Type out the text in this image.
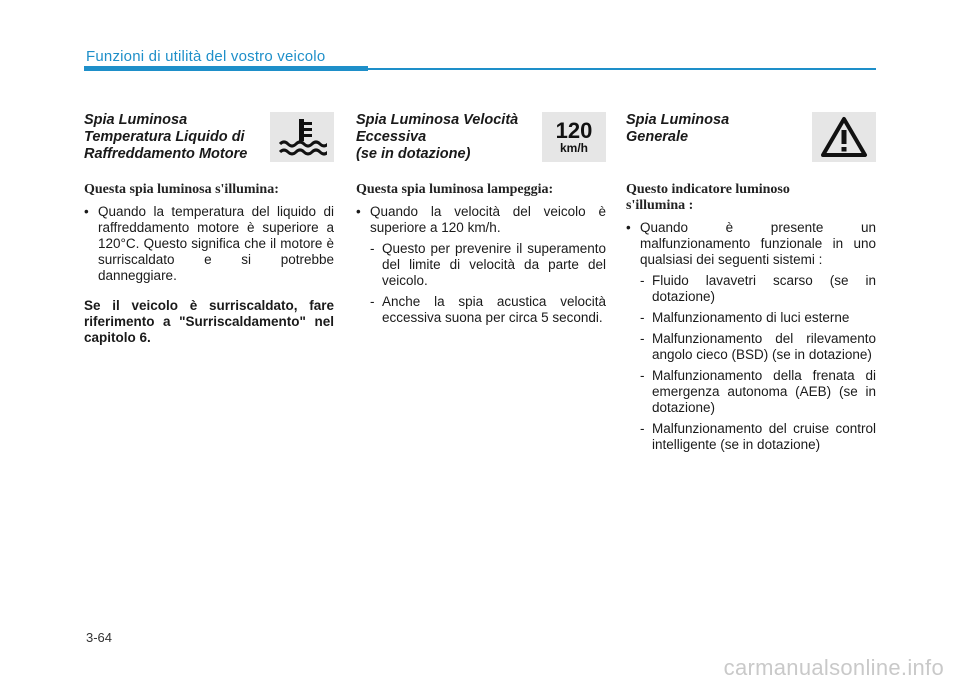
Funzioni di utilità del vostro veicolo
Spia Luminosa
Temperatura Liquido di
Raffreddamento Motore
Questa spia luminosa s'illumina:
• Quando la temperatura del liquido di raffreddamento motore è superiore a 120°C. Questo significa che il motore è surriscaldato e si potrebbe danneggiare.
Se il veicolo è surriscaldato, fare riferimento a "Surriscaldamento" nel capitolo 6.
Spia Luminosa Velocità
Eccessiva
(se in dotazione)
120
km/h
Questa spia luminosa lampeggia:
• Quando la velocità del veicolo è superiore a 120 km/h.
- Questo per prevenire il superamento del limite di velocità da parte del veicolo.
- Anche la spia acustica velocità eccessiva suona per circa 5 secondi.
Spia Luminosa
Generale
Questo indicatore luminoso
s'illumina :
• Quando è presente un malfunzionamento funzionale in uno qualsiasi dei seguenti sistemi :
- Fluido lavavetri scarso (se in dotazione)
- Malfunzionamento di luci esterne
- Malfunzionamento del rilevamento angolo cieco (BSD) (se in dotazione)
- Malfunzionamento della frenata di emergenza autonoma (AEB) (se in dotazione)
- Malfunzionamento del cruise control intelligente (se in dotazione)
3-64
carmanualsonline.info
